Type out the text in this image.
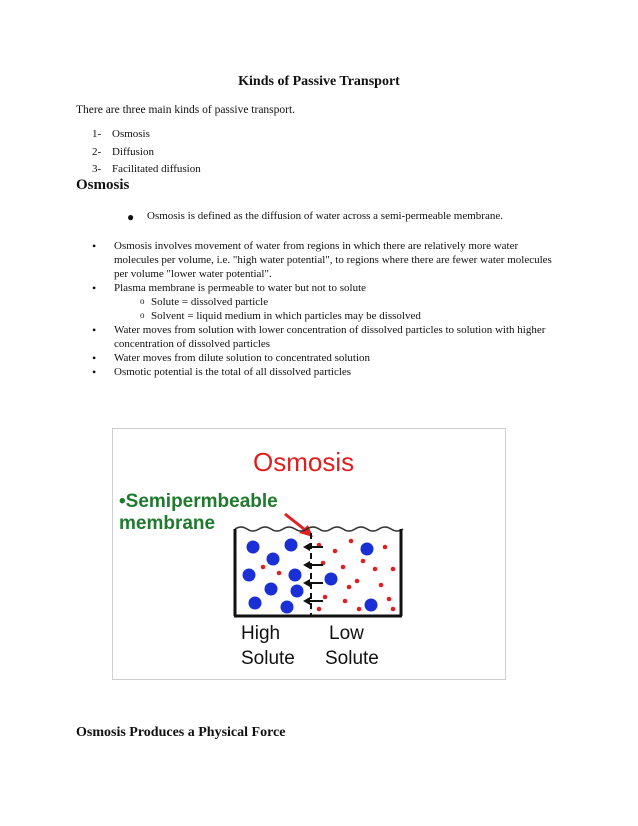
Kinds of Passive Transport
There are three main kinds of passive transport.
1- Osmosis
2- Diffusion
3- Facilitated diffusion
Osmosis
● Osmosis is defined as the diffusion of water across a semi-permeable membrane.
• Osmosis involves movement of water from regions in which there are relatively more water molecules per volume, i.e. "high water potential", to regions where there are fewer water molecules per volume "lower water potential".
• Plasma membrane is permeable to water but not to solute
o Solute = dissolved particle
o Solvent = liquid medium in which particles may be dissolved
• Water moves from solution with lower concentration of dissolved particles to solution with higher concentration of dissolved particles
• Water moves from dilute solution to concentrated solution
• Osmotic potential is the total of all dissolved particles
Osmosis
•Semipermbeable
membrane
High
Solute
Low
Solute
Osmosis Produces a Physical Force
